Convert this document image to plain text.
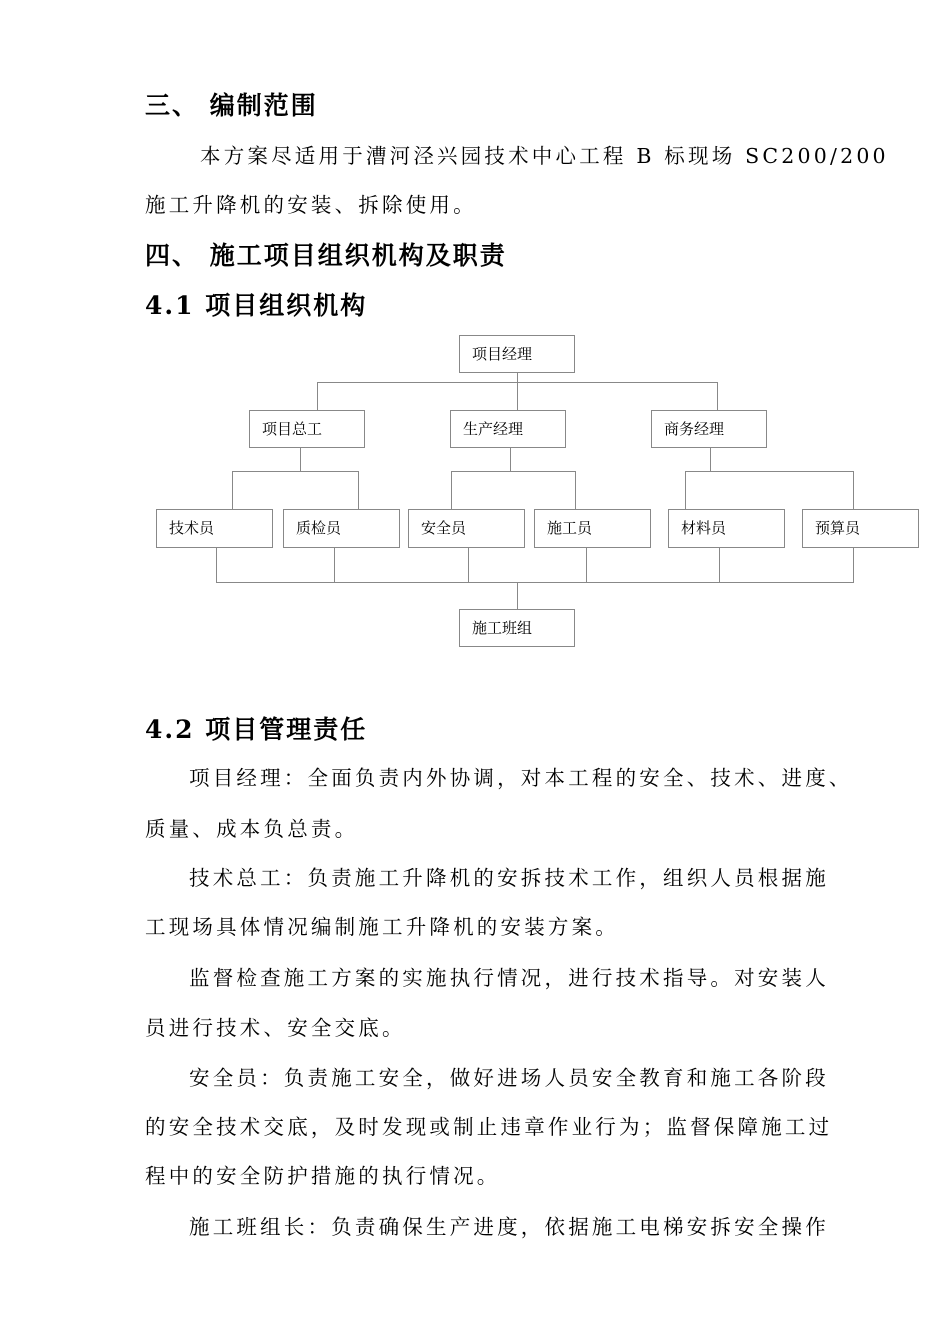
三、 编制范围
本方案尽适用于漕河泾兴园技术中心工程 B 标现场 SC200/200
施工升降机的安装、拆除使用。
四、 施工项目组织机构及职责
4.1 项目组织机构
项目经理
项目总工	生产经理	商务经理
技术员	质检员	安全员	施工员	材料员	预算员
施工班组
4.2 项目管理责任
项目经理：全面负责内外协调，对本工程的安全、技术、进度、
质量、成本负总责。
技术总工：负责施工升降机的安拆技术工作，组织人员根据施
工现场具体情况编制施工升降机的安装方案。
监督检查施工方案的实施执行情况，进行技术指导。对安装人
员进行技术、安全交底。
安全员：负责施工安全，做好进场人员安全教育和施工各阶段
的安全技术交底，及时发现或制止违章作业行为；监督保障施工过
程中的安全防护措施的执行情况。
施工班组长：负责确保生产进度，依据施工电梯安拆安全操作
